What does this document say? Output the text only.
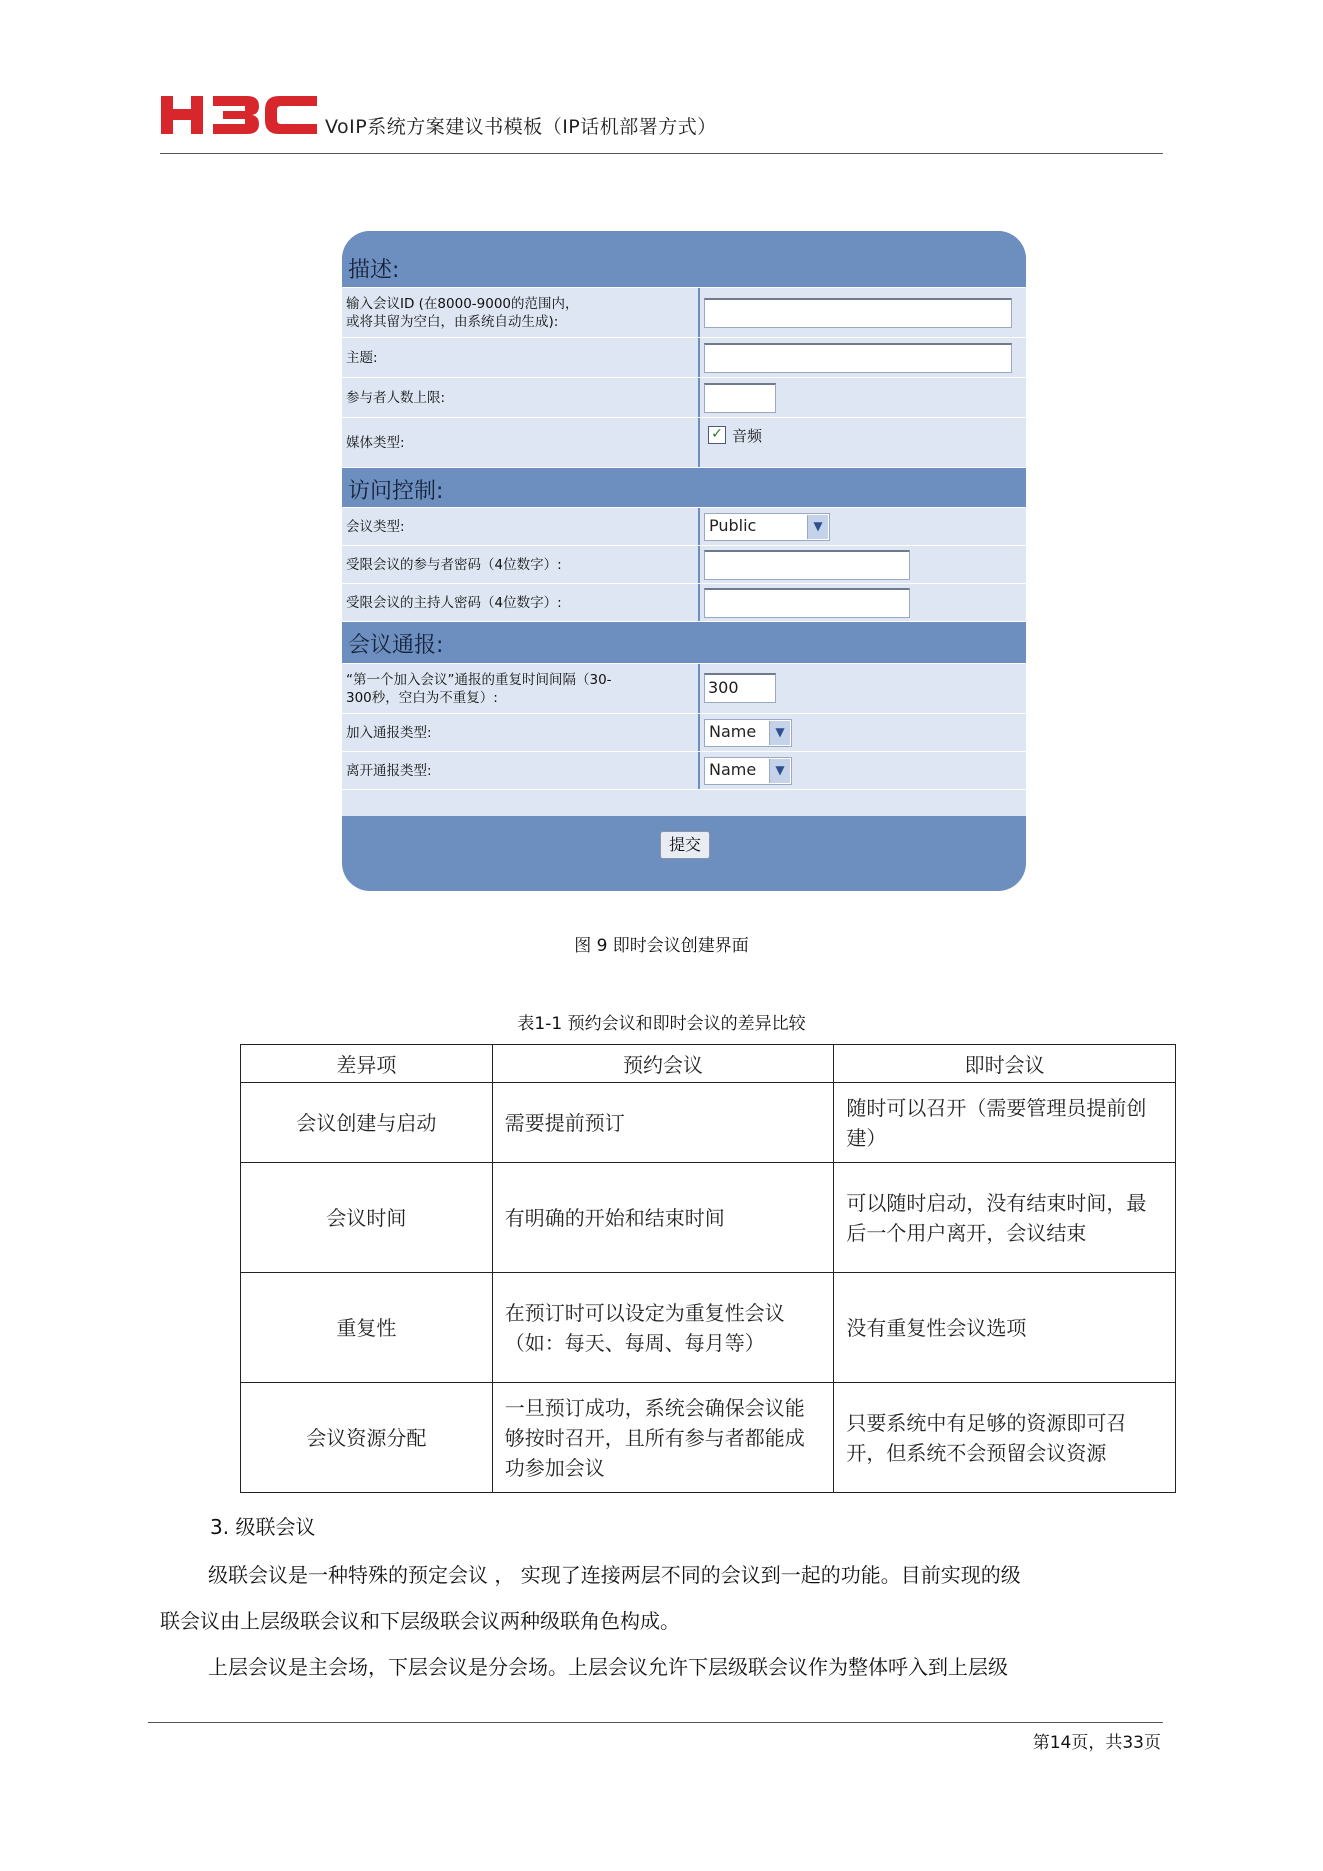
VoIP系统方案建议书模板（IP话机部署方式）
描述:
输入会议ID (在8000-9000的范围内，
或将其留为空白，由系统自动生成):
主题:
参与者人数上限:
媒体类型:
✓ 音频
访问控制:
会议类型:	Public	▼
受限会议的参与者密码（4位数字）:
受限会议的主持人密码（4位数字）:
会议通报:
“第一个加入会议”通报的重复时间间隔（30-
300秒，空白为不重复）:
300
加入通报类型:	Name	▼
离开通报类型:	Name	▼
提交
图 9 即时会议创建界面
表1-1 预约会议和即时会议的差异比较
差异项	预约会议	即时会议
会议创建与启动	需要提前预订	随时可以召开（需要管理员提前创建）
会议时间	有明确的开始和结束时间	可以随时启动，没有结束时间，最后一个用户离开，会议结束
重复性	在预订时可以设定为重复性会议（如：每天、每周、每月等）	没有重复性会议选项
会议资源分配	一旦预订成功，系统会确保会议能够按时召开，且所有参与者都能成功参加会议	只要系统中有足够的资源即可召开，但系统不会预留会议资源
3. 级联会议
级联会议是一种特殊的预定会议 ， 实现了连接两层不同的会议到一起的功能。目前实现的级
联会议由上层级联会议和下层级联会议两种级联角色构成。
上层会议是主会场，下层会议是分会场。上层会议允许下层级联会议作为整体呼入到上层级
第14页，共33页
